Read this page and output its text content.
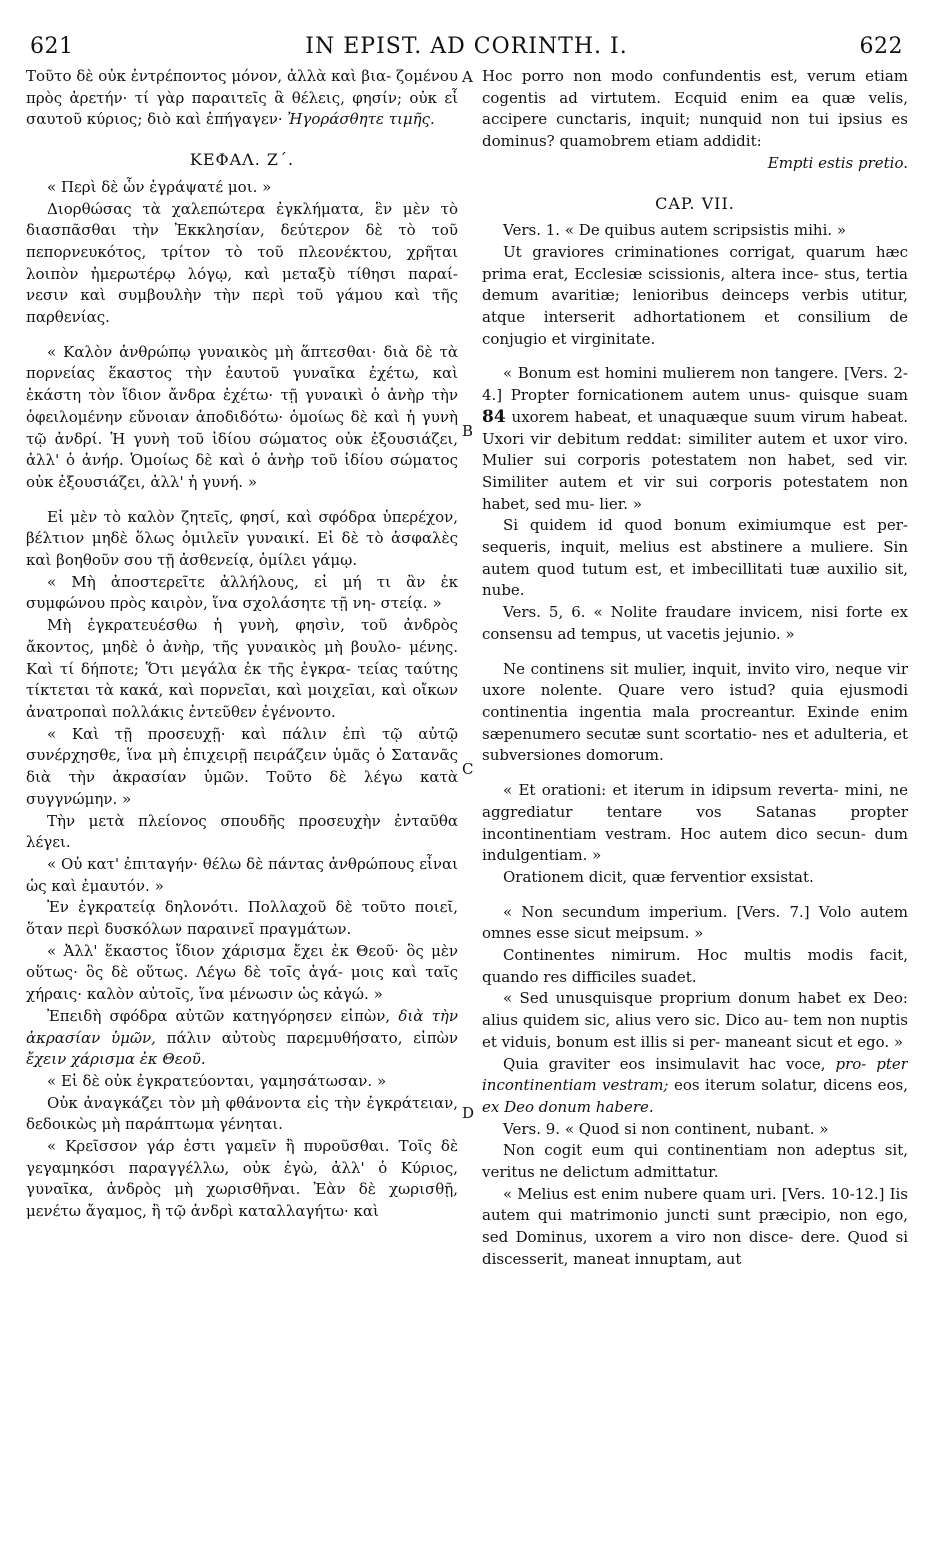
621	IN EPIST. AD CORINTH. I.	622
A
B
C
D

Τοῦτο δὲ οὐκ ἐντρέποντος μόνον, ἀλλὰ καὶ βια- ζομένου πρὸς ἀρετήν· τί γὰρ παραιτεῖς ἃ θέλεις, φησίν; οὐκ εἶ σαυτοῦ κύριος; διὸ καὶ ἐπήγαγεν· Ἠγοράσθητε τιμῆς.

ΚΕΦΑΛ. Ζ΄.

« Περὶ δὲ ὧν ἐγράψατέ μοι. »

Διορθώσας τὰ χαλεπώτερα ἐγκλήματα, ἓν μὲν τὸ διασπᾶσθαι τὴν Ἐκκλησίαν, δεύτερον δὲ τὸ τοῦ πεπορνευκότος, τρίτον τὸ τοῦ πλεονέκτου, χρῆται λοιπὸν ἡμερωτέρῳ λόγῳ, καὶ μεταξὺ τίθησι παραί- νεσιν καὶ συμβουλὴν τὴν περὶ τοῦ γάμου καὶ τῆς παρθενίας.

« Καλὸν ἀνθρώπῳ γυναικὸς μὴ ἅπτεσθαι· διὰ δὲ τὰ πορνείας ἕκαστος τὴν ἑαυτοῦ γυναῖκα ἐχέτω, καὶ ἑκάστη τὸν ἴδιον ἄνδρα ἐχέτω· τῇ γυναικὶ ὁ ἀνὴρ τὴν ὀφειλομένην εὔνοιαν ἀποδιδότω· ὁμοίως δὲ καὶ ἡ γυνὴ τῷ ἀνδρί. Ἡ γυνὴ τοῦ ἰδίου σώματος οὐκ ἐξουσιάζει, ἀλλ' ὁ ἀνήρ. Ὁμοίως δὲ καὶ ὁ ἀνὴρ τοῦ ἰδίου σώματος οὐκ ἐξουσιάζει, ἀλλ' ἡ γυνή. »

Εἰ μὲν τὸ καλὸν ζητεῖς, φησί, καὶ σφόδρα ὑπερέχον, βέλτιον μηδὲ ὅλως ὁμιλεῖν γυναικί. Εἰ δὲ τὸ ἀσφαλὲς καὶ βοηθοῦν σου τῇ ἀσθενείᾳ, ὁμίλει γάμῳ.

« Μὴ ἀποστερεῖτε ἀλλήλους, εἰ μή τι ἂν ἐκ συμφώνου πρὸς καιρὸν, ἵνα σχολάσητε τῇ νη- στείᾳ. »

Μὴ ἐγκρατευέσθω ἡ γυνὴ, φησὶν, τοῦ ἀνδρὸς ἄκοντος, μηδὲ ὁ ἀνὴρ, τῆς γυναικὸς μὴ βουλο- μένης. Καὶ τί δήποτε; Ὅτι μεγάλα ἐκ τῆς ἐγκρα- τείας ταύτης τίκτεται τὰ κακά, καὶ πορνεῖαι, καὶ μοιχεῖαι, καὶ οἴκων ἀνατροπαὶ πολλάκις ἐντεῦθεν ἐγένοντο.

« Καὶ τῇ προσευχῇ· καὶ πάλιν ἐπὶ τῷ αὐτῷ συνέρχησθε, ἵνα μὴ ἐπιχειρῇ πειράζειν ὑμᾶς ὁ Σατανᾶς διὰ τὴν ἀκρασίαν ὑμῶν. Τοῦτο δὲ λέγω κατὰ συγγνώμην. »

Τὴν μετὰ πλείονος σπουδῆς προσευχὴν ἐνταῦθα λέγει.

« Οὐ κατ' ἐπιταγήν· θέλω δὲ πάντας ἀνθρώπους εἶναι ὡς καὶ ἐμαυτόν. »

Ἐν ἐγκρατείᾳ δηλονότι. Πολλαχοῦ δὲ τοῦτο ποιεῖ, ὅταν περὶ δυσκόλων παραινεῖ πραγμάτων.

« Ἀλλ' ἕκαστος ἴδιον χάρισμα ἔχει ἐκ Θεοῦ· ὃς μὲν οὕτως· ὃς δὲ οὕτως. Λέγω δὲ τοῖς ἀγά- μοις καὶ ταῖς χήραις· καλὸν αὐτοῖς, ἵνα μένωσιν ὡς κἀγώ. »

Ἐπειδὴ σφόδρα αὐτῶν κατηγόρησεν εἰπὼν, διὰ τὴν ἀκρασίαν ὑμῶν, πάλιν αὐτοὺς παρεμυθήσατο, εἰπὼν ἔχειν χάρισμα ἐκ Θεοῦ.

« Εἰ δὲ οὐκ ἐγκρατεύονται, γαμησάτωσαν. »

Οὐκ ἀναγκάζει τὸν μὴ φθάνοντα εἰς τὴν ἐγκράτειαν, δεδοικὼς μὴ παράπτωμα γένηται.

« Κρεῖσσον γάρ ἐστι γαμεῖν ἢ πυροῦσθαι. Τοῖς δὲ γεγαμηκόσι παραγγέλλω, οὐκ ἐγὼ, ἀλλ' ὁ Κύριος, γυναῖκα, ἀνδρὸς μὴ χωρισθῆναι. Ἐὰν δὲ χωρισθῇ, μενέτω ἄγαμος, ἢ τῷ ἀνδρὶ καταλλαγήτω· καὶ

Hoc porro non modo confundentis est, verum etiam cogentis ad virtutem. Ecquid enim ea quæ velis, accipere cunctaris, inquit; nunquid non tui ipsius es dominus? quamobrem etiam addidit:

Empti estis pretio.

CAP. VII.

Vers. 1. « De quibus autem scripsistis mihi. »

Ut graviores criminationes corrigat, quarum hæc prima erat, Ecclesiæ scissionis, altera ince- stus, tertia demum avaritiæ; lenioribus deinceps verbis utitur, atque interserit adhortationem et consilium de conjugio et virginitate.

« Bonum est homini mulierem non tangere. [Vers. 2-4.] Propter fornicationem autem unus- quisque suam 84 uxorem habeat, et unaquæque suum virum habeat. Uxori vir debitum reddat: similiter autem et uxor viro. Mulier sui corporis potestatem non habet, sed vir. Similiter autem et vir sui corporis potestatem non habet, sed mu- lier. »

Si quidem id quod bonum eximiumque est per- sequeris, inquit, melius est abstinere a muliere. Sin autem quod tutum est, et imbecillitati tuæ auxilio sit, nube.

Vers. 5, 6. « Nolite fraudare invicem, nisi forte ex consensu ad tempus, ut vacetis jejunio. »

Ne continens sit mulier, inquit, invito viro, neque vir uxore nolente. Quare vero istud? quia ejusmodi continentia ingentia mala procreantur. Exinde enim sæpenumero secutæ sunt scortatio- nes et adulteria, et subversiones domorum.

« Et orationi: et iterum in idipsum reverta- mini, ne aggrediatur tentare vos Satanas propter incontinentiam vestram. Hoc autem dico secun- dum indulgentiam. »

Orationem dicit, quæ ferventior exsistat.

« Non secundum imperium. [Vers. 7.] Volo autem omnes esse sicut meipsum. »

Continentes nimirum. Hoc multis modis facit, quando res difficiles suadet.

« Sed unusquisque proprium donum habet ex Deo: alius quidem sic, alius vero sic. Dico au- tem non nuptis et viduis, bonum est illis si per- maneant sicut et ego. »

Quia graviter eos insimulavit hac voce, pro- pter incontinentiam vestram; eos iterum solatur, dicens eos, ex Deo donum habere.

Vers. 9. « Quod si non continent, nubant. »

Non cogit eum qui continentiam non adeptus sit, veritus ne delictum admittatur.

« Melius est enim nubere quam uri. [Vers. 10-12.] Iis autem qui matrimonio juncti sunt præcipio, non ego, sed Dominus, uxorem a viro non disce- dere. Quod si discesserit, maneat innuptam, aut
